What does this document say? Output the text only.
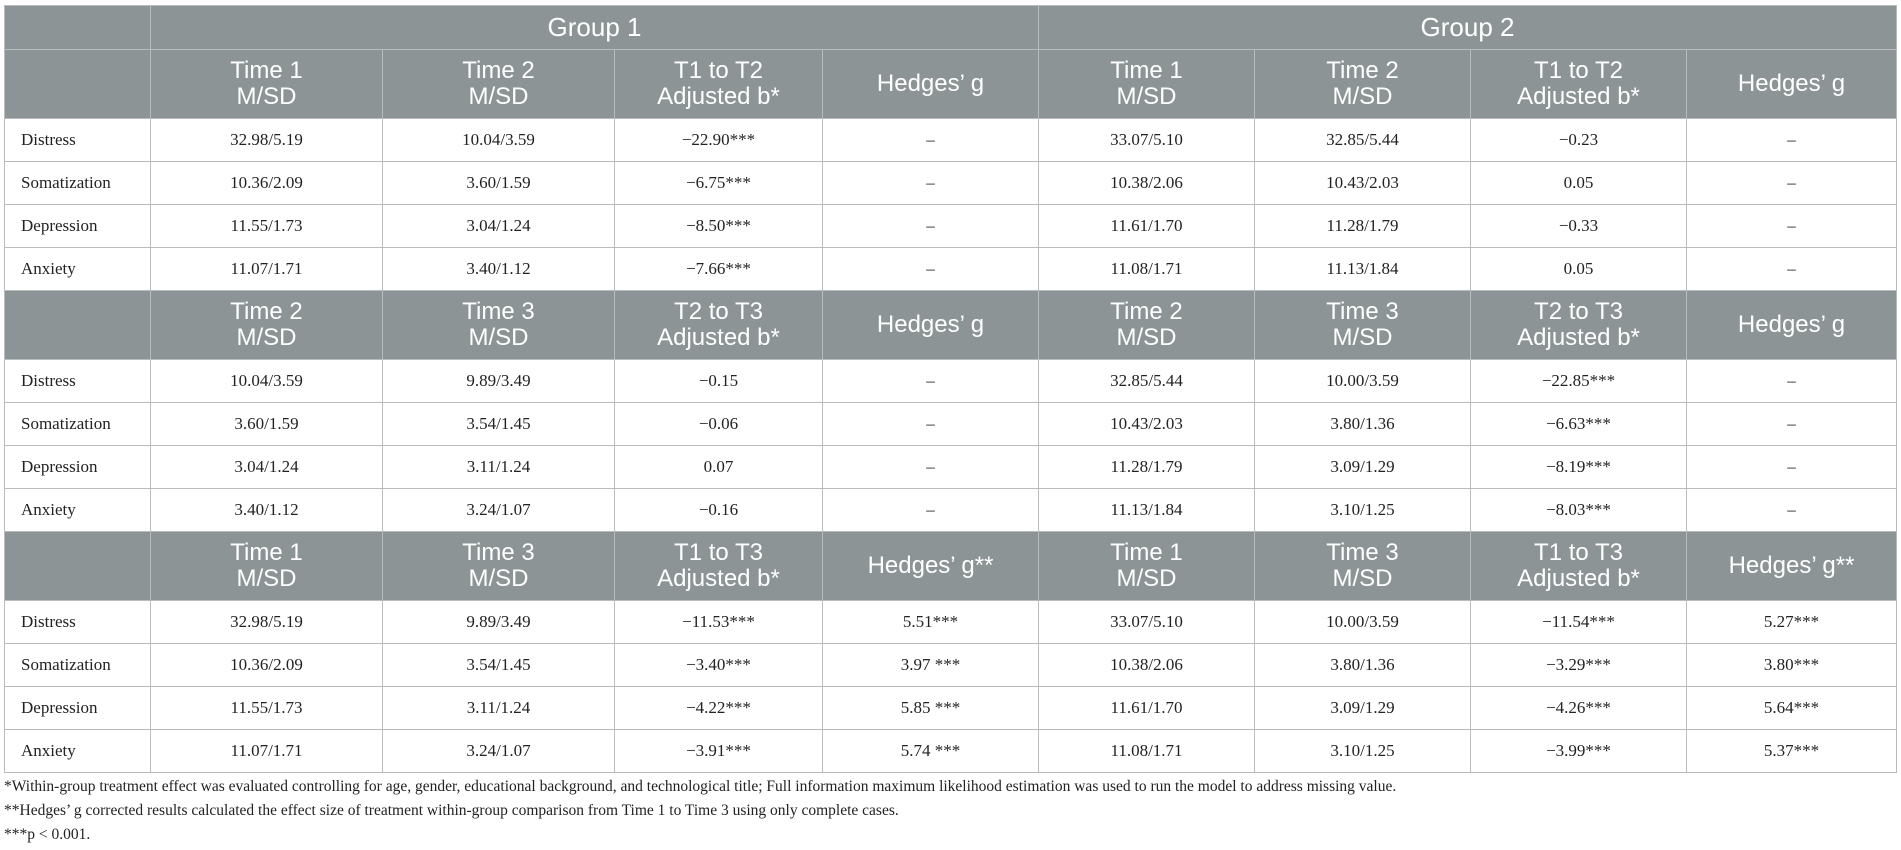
	Group 1				Group 2			

	Time 1
M/SD	Time 2
M/SD	T1 to T2
Adjusted b*	Hedges’ g	Time 1
M/SD	Time 2
M/SD	T1 to T2
Adjusted b*	Hedges’ g

Distress	32.98/5.19	10.04/3.59	−22.90***	–	33.07/5.10	32.85/5.44	−0.23	–
Somatization	10.36/2.09	3.60/1.59	−6.75***	–	10.38/2.06	10.43/2.03	0.05	–
Depression	11.55/1.73	3.04/1.24	−8.50***	–	11.61/1.70	11.28/1.79	−0.33	–
Anxiety	11.07/1.71	3.40/1.12	−7.66***	–	11.08/1.71	11.13/1.84	0.05	–

	Time 2
M/SD	Time 3
M/SD	T2 to T3
Adjusted b*	Hedges’ g	Time 2
M/SD	Time 3
M/SD	T2 to T3
Adjusted b*	Hedges’ g

Distress	10.04/3.59	9.89/3.49	−0.15	–	32.85/5.44	10.00/3.59	−22.85***	–
Somatization	3.60/1.59	3.54/1.45	−0.06	–	10.43/2.03	3.80/1.36	−6.63***	–
Depression	3.04/1.24	3.11/1.24	0.07	–	11.28/1.79	3.09/1.29	−8.19***	–
Anxiety	3.40/1.12	3.24/1.07	−0.16	–	11.13/1.84	3.10/1.25	−8.03***	–

	Time 1
M/SD	Time 3
M/SD	T1 to T3
Adjusted b*	Hedges’ g**	Time 1
M/SD	Time 3
M/SD	T1 to T3
Adjusted b*	Hedges’ g**

Distress	32.98/5.19	9.89/3.49	−11.53***	5.51***	33.07/5.10	10.00/3.59	−11.54***	5.27***
Somatization	10.36/2.09	3.54/1.45	−3.40***	3.97 ***	10.38/2.06	3.80/1.36	−3.29***	3.80***
Depression	11.55/1.73	3.11/1.24	−4.22***	5.85 ***	11.61/1.70	3.09/1.29	−4.26***	5.64***
Anxiety	11.07/1.71	3.24/1.07	−3.91***	5.74 ***	11.08/1.71	3.10/1.25	−3.99***	5.37***

*Within-group treatment effect was evaluated controlling for age, gender, educational background, and technological title; Full information maximum likelihood estimation was used to run the model to address missing value.

**Hedges’ g corrected results calculated the effect size of treatment within-group comparison from Time 1 to Time 3 using only complete cases.

***p < 0.001.
